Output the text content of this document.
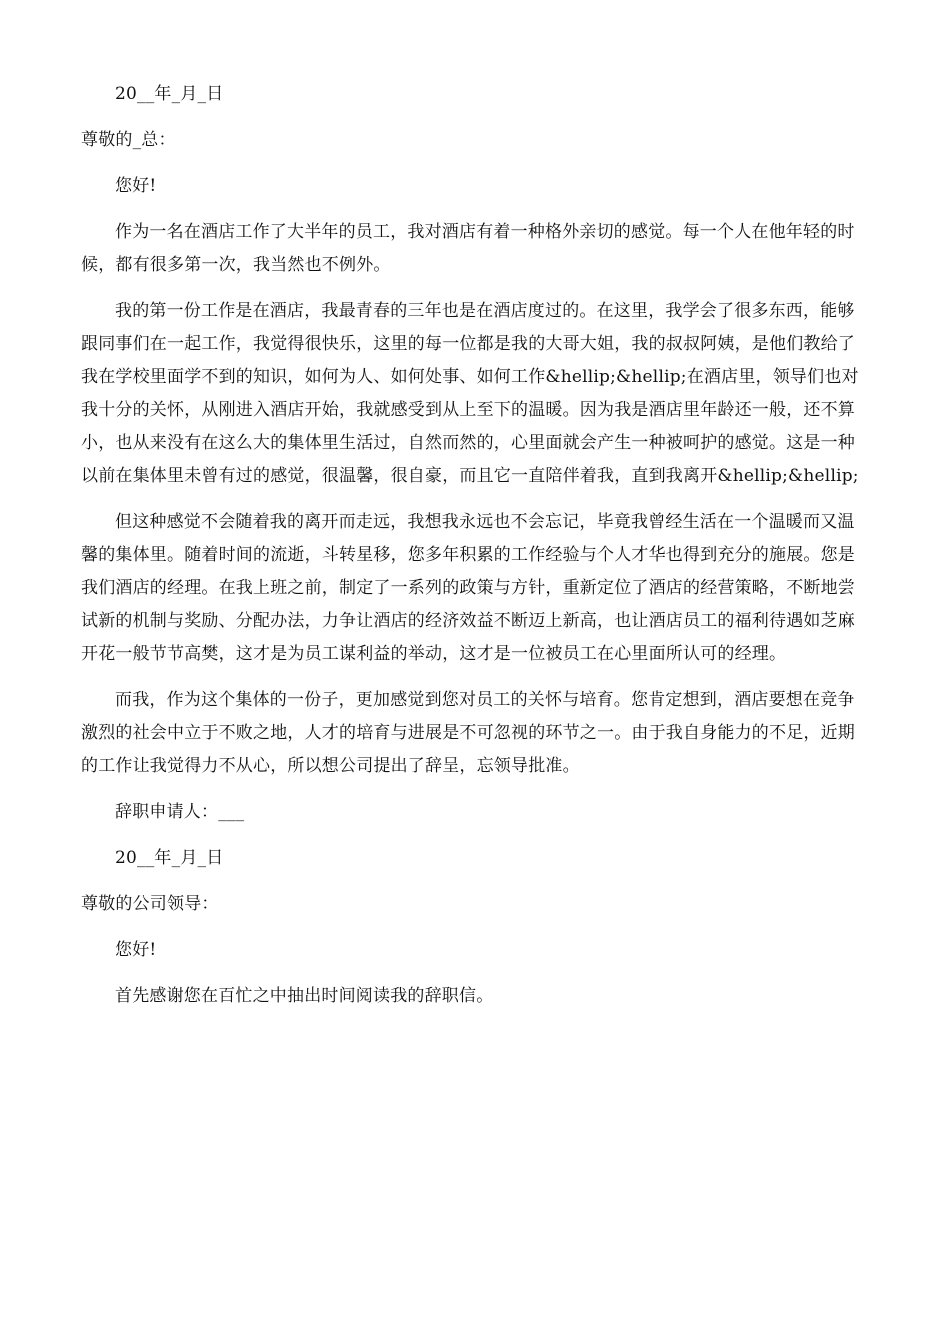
20__年_月_日

尊敬的_总：

您好!

作为一名在酒店工作了大半年的员工，我对酒店有着一种格外亲切的感觉。每一个人在他年轻的时候，都有很多第一次，我当然也不例外。

我的第一份工作是在酒店，我最青春的三年也是在酒店度过的。在这里，我学会了很多东西，能够跟同事们在一起工作，我觉得很快乐，这里的每一位都是我的大哥大姐，我的叔叔阿姨，是他们教给了我在学校里面学不到的知识，如何为人、如何处事、如何工作&hellip;&hellip;在酒店里，领导们也对我十分的关怀，从刚进入酒店开始，我就感受到从上至下的温暖。因为我是酒店里年龄还一般，还不算小，也从来没有在这么大的集体里生活过，自然而然的，心里面就会产生一种被呵护的感觉。这是一种以前在集体里未曾有过的感觉，很温馨，很自豪，而且它一直陪伴着我，直到我离开&hellip;&hellip;

但这种感觉不会随着我的离开而走远，我想我永远也不会忘记，毕竟我曾经生活在一个温暖而又温馨的集体里。随着时间的流逝，斗转星移，您多年积累的工作经验与个人才华也得到充分的施展。您是我们酒店的经理。在我上班之前，制定了一系列的政策与方针，重新定位了酒店的经营策略，不断地尝试新的机制与奖励、分配办法，力争让酒店的经济效益不断迈上新高，也让酒店员工的福利待遇如芝麻开花一般节节高樊，这才是为员工谋利益的举动，这才是一位被员工在心里面所认可的经理。

而我，作为这个集体的一份子，更加感觉到您对员工的关怀与培育。您肯定想到，酒店要想在竞争激烈的社会中立于不败之地，人才的培育与进展是不可忽视的环节之一。由于我自身能力的不足，近期的工作让我觉得力不从心，所以想公司提出了辞呈，忘领导批准。

辞职申请人：___

20__年_月_日

尊敬的公司领导：

您好!

首先感谢您在百忙之中抽出时间阅读我的辞职信。
